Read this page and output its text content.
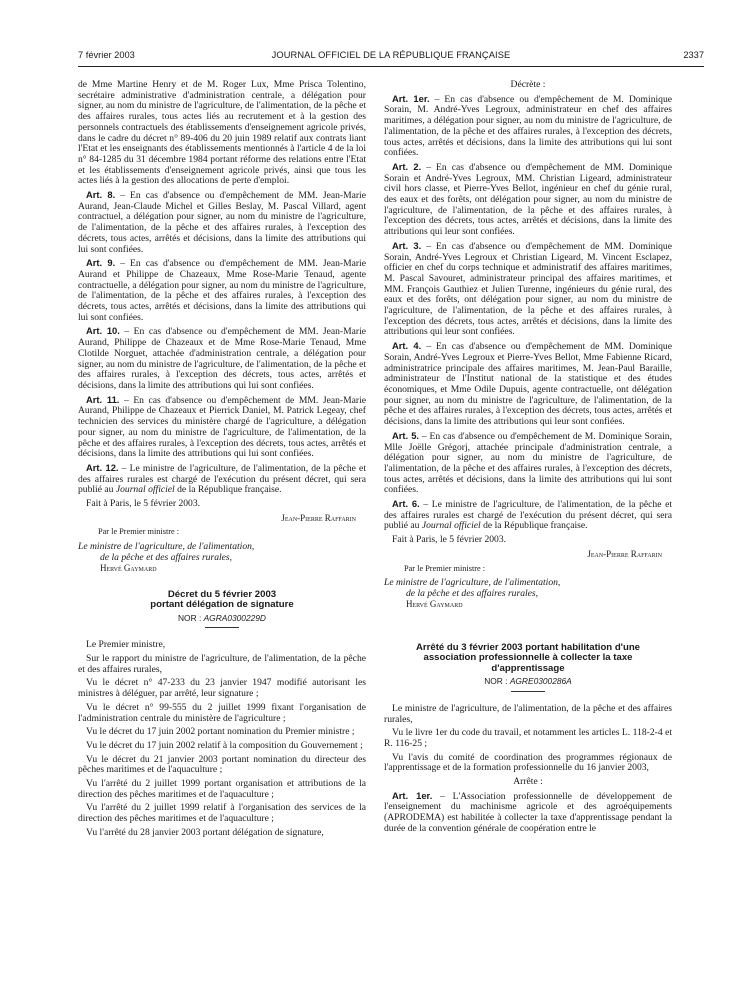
7 février 2003	JOURNAL OFFICIEL DE LA RÉPUBLIQUE FRANÇAISE	2337

de Mme Martine Henry et de M. Roger Lux, Mme Prisca Tolentino, secrétaire administrative d'administration centrale, a délégation pour signer, au nom du ministre de l'agriculture, de l'alimentation, de la pêche et des affaires rurales, tous actes liés au recrutement et à la gestion des personnels contractuels des établissements d'enseignement agricole privés, dans le cadre du décret n° 89-406 du 20 juin 1989 relatif aux contrats liant l'Etat et les enseignants des établissements mentionnés à l'article 4 de la loi n° 84-1285 du 31 décembre 1984 portant réforme des relations entre l'Etat et les établissements d'enseignement agricole privés, ainsi que tous les actes liés à la gestion des allocations de perte d'emploi.

Art. 8. – En cas d'absence ou d'empêchement de MM. Jean-Marie Aurand, Jean-Claude Michel et Gilles Beslay, M. Pascal Villard, agent contractuel, a délégation pour signer, au nom du ministre de l'agriculture, de l'alimentation, de la pêche et des affaires rurales, à l'exception des décrets, tous actes, arrêtés et décisions, dans la limite des attributions qui lui sont confiées.

Art. 9. – En cas d'absence ou d'empêchement de MM. Jean-Marie Aurand et Philippe de Chazeaux, Mme Rose-Marie Tenaud, agente contractuelle, a délégation pour signer, au nom du ministre de l'agriculture, de l'alimentation, de la pêche et des affaires rurales, à l'exception des décrets, tous actes, arrêtés et décisions, dans la limite des attributions qui lui sont confiées.

Art. 10. – En cas d'absence ou d'empêchement de MM. Jean-Marie Aurand, Philippe de Chazeaux et de Mme Rose-Marie Tenaud, Mme Clotilde Norguet, attachée d'administration centrale, a délégation pour signer, au nom du ministre de l'agriculture, de l'alimentation, de la pêche et des affaires rurales, à l'exception des décrets, tous actes, arrêtés et décisions, dans la limite des attributions qui lui sont confiées.

Art. 11. – En cas d'absence ou d'empêchement de MM. Jean-Marie Aurand, Philippe de Chazeaux et Pierrick Daniel, M. Patrick Legeay, chef technicien des services du ministère chargé de l'agriculture, a délégation pour signer, au nom du ministre de l'agriculture, de l'alimentation, de la pêche et des affaires rurales, à l'exception des décrets, tous actes, arrêtés et décisions, dans la limite des attributions qui lui sont confiées.

Art. 12. – Le ministre de l'agriculture, de l'alimentation, de la pêche et des affaires rurales est chargé de l'exécution du présent décret, qui sera publié au Journal officiel de la République française.

Fait à Paris, le 5 février 2003.

Jean-Pierre Raffarin
Par le Premier ministre :
Le ministre de l'agriculture, de l'alimentation,
de la pêche et des affaires rurales,
Hervé Gaymard
Décret du 5 février 2003
portant délégation de signature
NOR : AGRA0300229D

Le Premier ministre,

Sur le rapport du ministre de l'agriculture, de l'alimentation, de la pêche et des affaires rurales,

Vu le décret n° 47-233 du 23 janvier 1947 modifié autorisant les ministres à déléguer, par arrêté, leur signature ;

Vu le décret n° 99-555 du 2 juillet 1999 fixant l'organisation de l'administration centrale du ministère de l'agriculture ;

Vu le décret du 17 juin 2002 portant nomination du Premier ministre ;

Vu le décret du 17 juin 2002 relatif à la composition du Gouvernement ;

Vu le décret du 21 janvier 2003 portant nomination du directeur des pêches maritimes et de l'aquaculture ;

Vu l'arrêté du 2 juillet 1999 portant organisation et attributions de la direction des pêches maritimes et de l'aquaculture ;

Vu l'arrêté du 2 juillet 1999 relatif à l'organisation des services de la direction des pêches maritimes et de l'aquaculture ;

Vu l'arrêté du 28 janvier 2003 portant délégation de signature,

Décrète :

Art. 1er. – En cas d'absence ou d'empêchement de M. Dominique Sorain, M. André-Yves Legroux, administrateur en chef des affaires maritimes, a délégation pour signer, au nom du ministre de l'agriculture, de l'alimentation, de la pêche et des affaires rurales, à l'exception des décrets, tous actes, arrêtés et décisions, dans la limite des attributions qui lui sont confiées.

Art. 2. – En cas d'absence ou d'empêchement de MM. Dominique Sorain et André-Yves Legroux, MM. Christian Ligeard, administrateur civil hors classe, et Pierre-Yves Bellot, ingénieur en chef du génie rural, des eaux et des forêts, ont délégation pour signer, au nom du ministre de l'agriculture, de l'alimentation, de la pêche et des affaires rurales, à l'exception des décrets, tous actes, arrêtés et décisions, dans la limite des attributions qui leur sont confiées.

Art. 3. – En cas d'absence ou d'empêchement de MM. Dominique Sorain, André-Yves Legroux et Christian Ligeard, M. Vincent Esclapez, officier en chef du corps technique et administratif des affaires maritimes, M. Pascal Savouret, administrateur principal des affaires maritimes, et MM. François Gauthiez et Julien Turenne, ingénieurs du génie rural, des eaux et des forêts, ont délégation pour signer, au nom du ministre de l'agriculture, de l'alimentation, de la pêche et des affaires rurales, à l'exception des décrets, tous actes, arrêtés et décisions, dans la limite des attributions qui leur sont confiées.

Art. 4. – En cas d'absence ou d'empêchement de MM. Dominique Sorain, André-Yves Legroux et Pierre-Yves Bellot, Mme Fabienne Ricard, administratrice principale des affaires maritimes, M. Jean-Paul Baraille, administrateur de l'Institut national de la statistique et des études économiques, et Mme Odile Dupuis, agente contractuelle, ont délégation pour signer, au nom du ministre de l'agriculture, de l'alimentation, de la pêche et des affaires rurales, à l'exception des décrets, tous actes, arrêtés et décisions, dans la limite des attributions qui leur sont confiées.

Art. 5. – En cas d'absence ou d'empêchement de M. Dominique Sorain, Mlle Joëlle Grégorj, attachée principale d'administration centrale, a délégation pour signer, au nom du ministre de l'agriculture, de l'alimentation, de la pêche et des affaires rurales, à l'exception des décrets, tous actes, arrêtés et décisions, dans la limite des attributions qui lui sont confiées.

Art. 6. – Le ministre de l'agriculture, de l'alimentation, de la pêche et des affaires rurales est chargé de l'exécution du présent décret, qui sera publié au Journal officiel de la République française.

Fait à Paris, le 5 février 2003.

Jean-Pierre Raffarin
Par le Premier ministre :
Le ministre de l'agriculture, de l'alimentation,
de la pêche et des affaires rurales,
Hervé Gaymard
Arrêté du 3 février 2003 portant habilitation d'une
association professionnelle à collecter la taxe
d'apprentissage
NOR : AGRE0300286A

Le ministre de l'agriculture, de l'alimentation, de la pêche et des affaires rurales,

Vu le livre 1er du code du travail, et notamment les articles L. 118-2-4 et R. 116-25 ;

Vu l'avis du comité de coordination des programmes régionaux de l'apprentissage et de la formation professionnelle du 16 janvier 2003,

Arrête :

Art. 1er. – L'Association professionnelle de développement de l'enseignement du machinisme agricole et des agroéquipements (APRODEMA) est habilitée à collecter la taxe d'apprentissage pendant la durée de la convention générale de coopération entre le
